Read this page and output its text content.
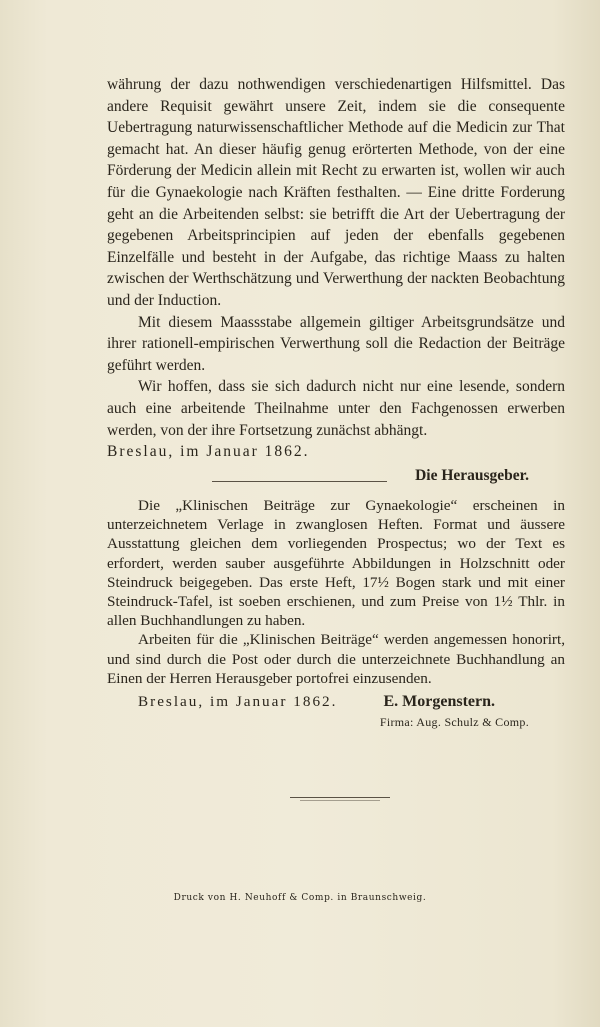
währung der dazu nothwendigen verschiedenartigen Hilfsmittel. Das andere Requisit gewährt unsere Zeit, indem sie die consequente Uebertragung naturwissenschaftlicher Methode auf die Medicin zur That gemacht hat. An dieser häufig genug erörterten Methode, von der eine Förderung der Medicin allein mit Recht zu erwarten ist, wollen wir auch für die Gynaekologie nach Kräften festhalten. — Eine dritte Forderung geht an die Arbeitenden selbst: sie betrifft die Art der Uebertragung der gegebenen Arbeitsprincipien auf jeden der ebenfalls gegebenen Einzelfälle und besteht in der Aufgabe, das richtige Maass zu halten zwischen der Werthschätzung und Verwerthung der nackten Beobachtung und der Induction.

Mit diesem Maassstabe allgemein giltiger Arbeitsgrundsätze und ihrer rationell-empirischen Verwerthung soll die Redaction der Beiträge geführt werden.

Wir hoffen, dass sie sich dadurch nicht nur eine lesende, sondern auch eine arbeitende Theilnahme unter den Fachgenossen erwerben werden, von der ihre Fortsetzung zunächst abhängt.

Breslau, im Januar 1862.

Die Herausgeber.

Die „Klinischen Beiträge zur Gynaekologie“ erscheinen in unterzeichnetem Verlage in zwanglosen Heften. Format und äussere Ausstattung gleichen dem vorliegenden Prospectus; wo der Text es erfordert, werden sauber ausgeführte Abbildungen in Holzschnitt oder Steindruck beigegeben. Das erste Heft, 17½ Bogen stark und mit einer Steindruck-Tafel, ist soeben erschienen, und zum Preise von 1½ Thlr. in allen Buchhandlungen zu haben.

Arbeiten für die „Klinischen Beiträge“ werden angemessen honorirt, und sind durch die Post oder durch die unterzeichnete Buchhandlung an Einen der Herren Herausgeber portofrei einzusenden.

Breslau, im Januar 1862.	E. Morgenstern.
Firma: Aug. Schulz & Comp.
Druck von H. Neuhoff & Comp. in Braunschweig.
